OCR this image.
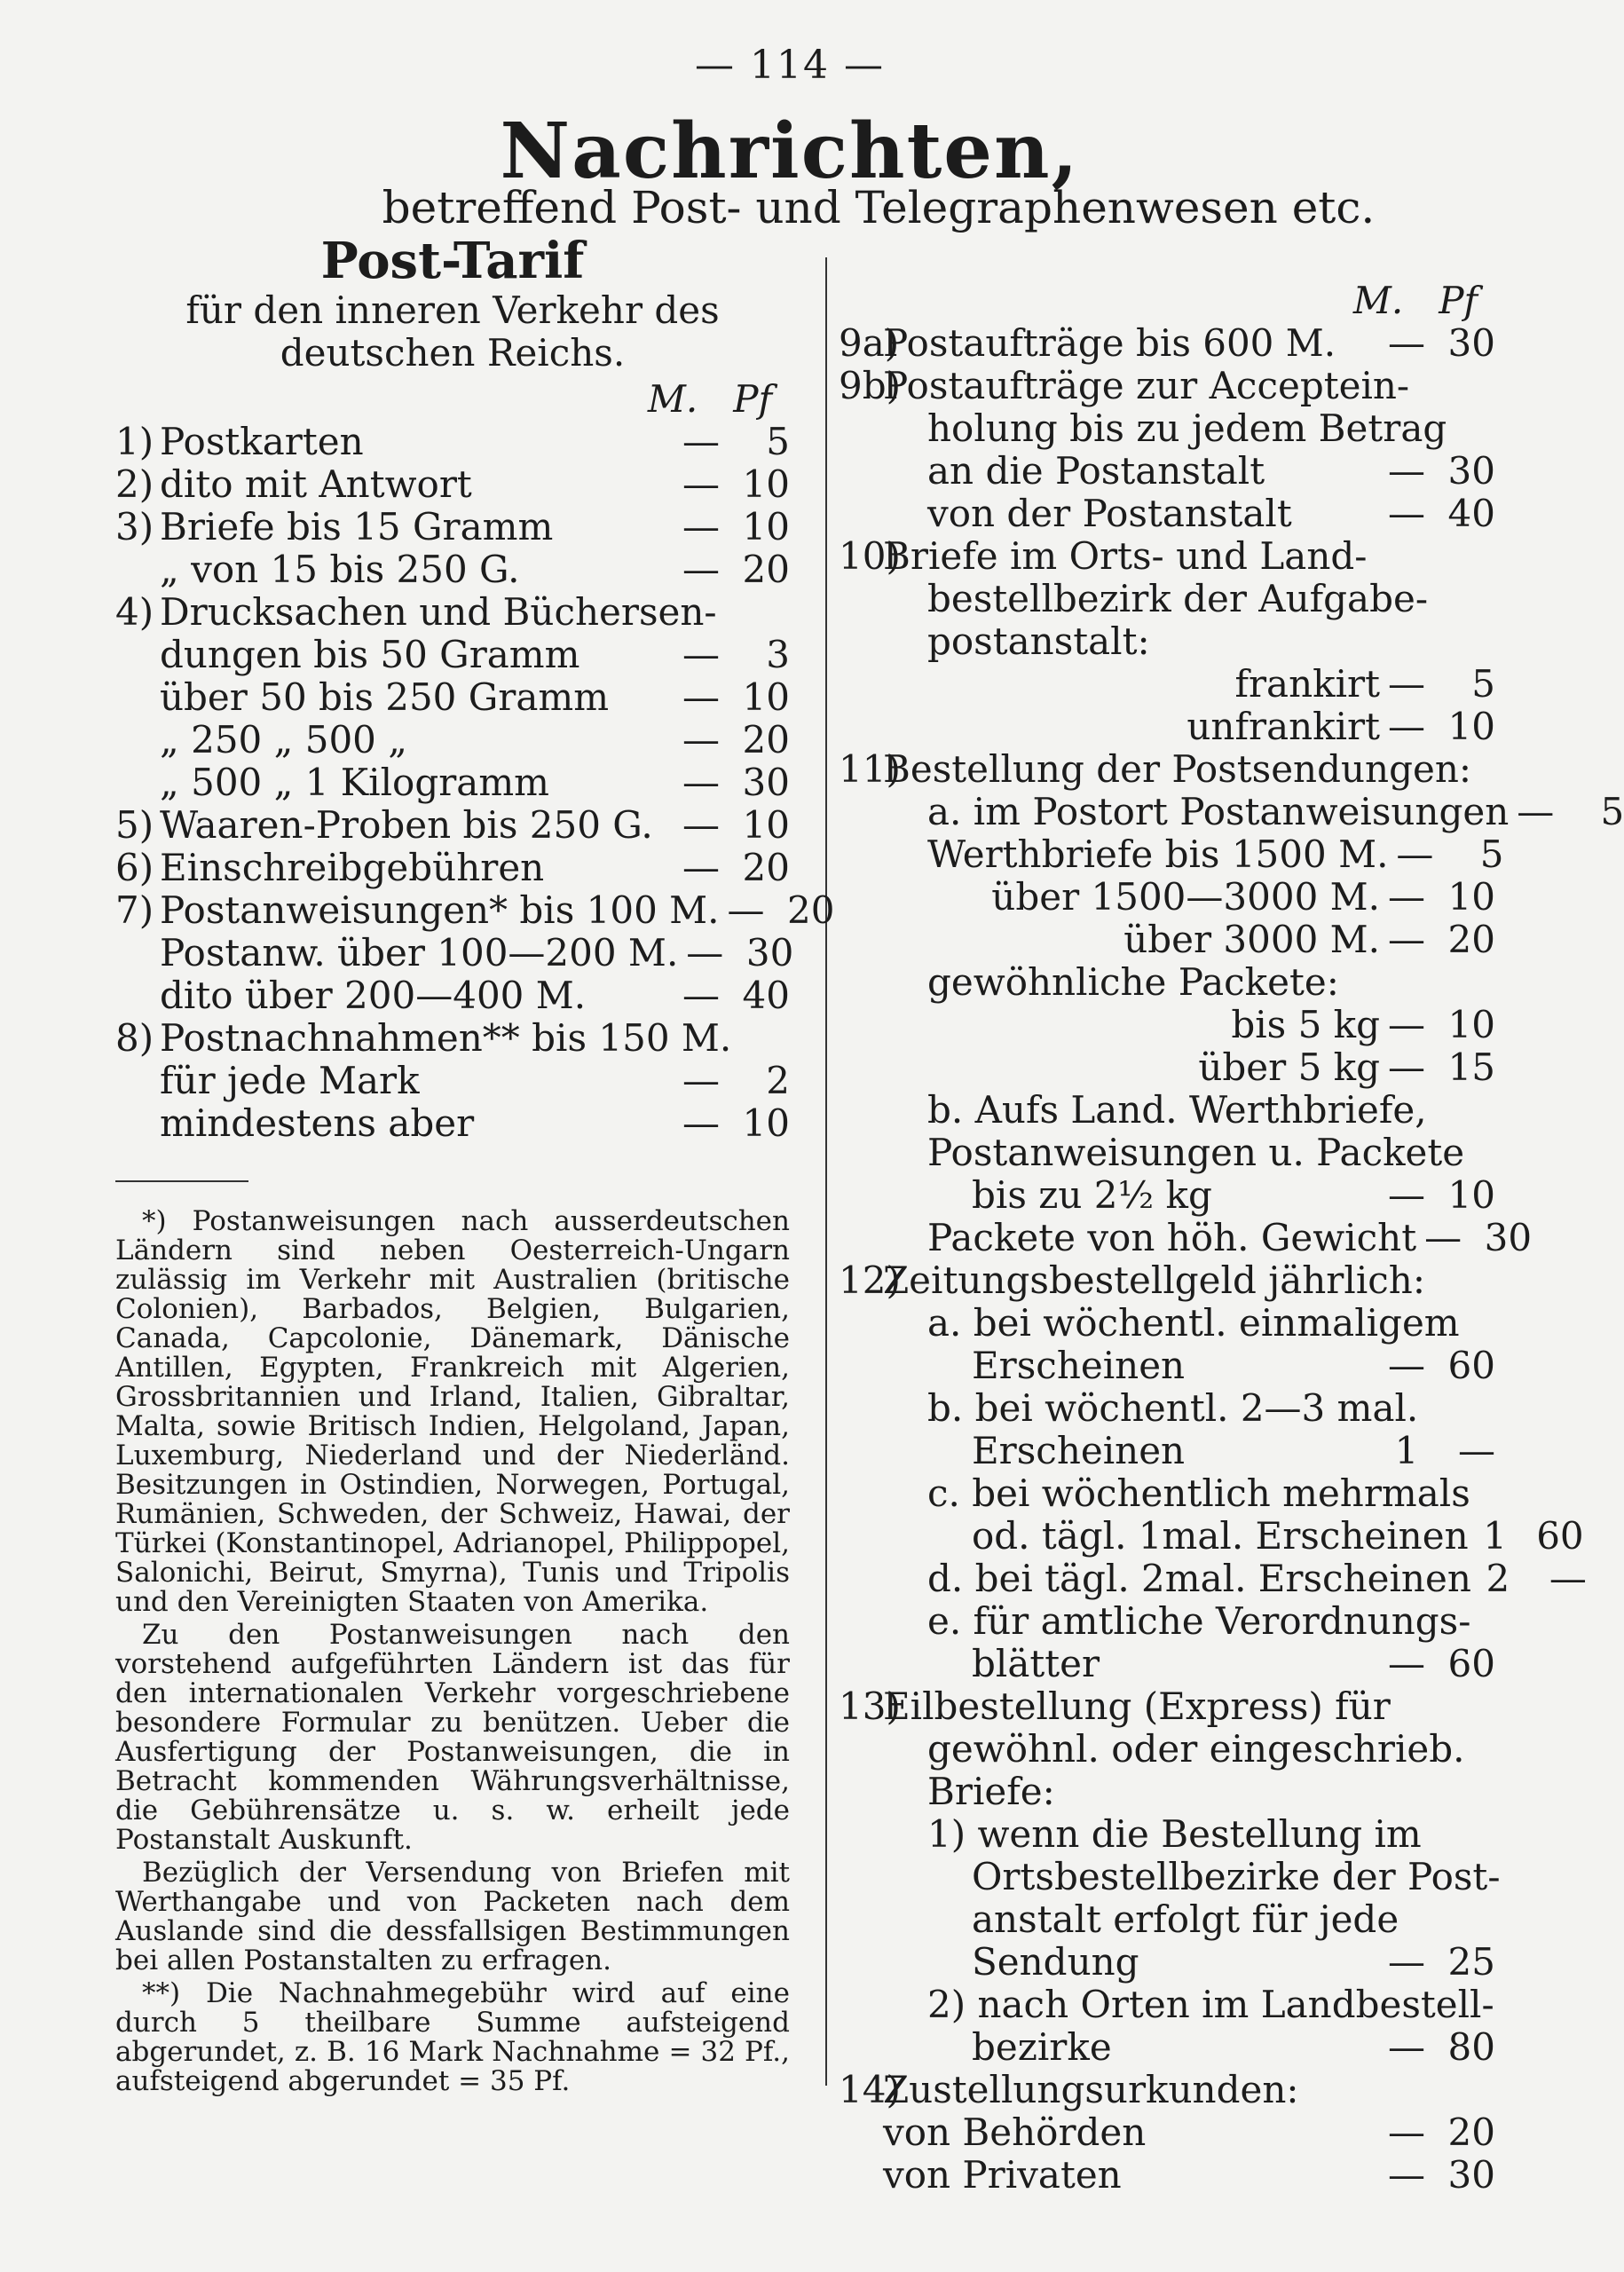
— 114 —
Nachrichten,
betreffend Post- und Telegraphenwesen etc.
Post-Tarif
für den inneren Verkehr des deutschen Reichs.
M. Pf
1) Postkarten	—	5
2) dito mit Antwort	— 10
3) Briefe bis 15 Gramm	— 10
„ von 15 bis 250 G.	— 20
4) Drucksachen und Büchersen-
dungen bis 50 Gramm	—	3
über 50 bis 250 Gramm	— 10
„ 250 „ 500 „	— 20
„ 500 „ 1 Kilogramm	— 30
5) Waaren-Proben bis 250 G. — 10
6) Einschreibgebühren	— 20
7) Postanweisungen* bis 100 M. — 20
Postanw. über 100—200 M. — 30
dito über 200—400 M.	— 40
8) Postnachnahmen** bis 150 M.
für jede Mark	—	2
mindestens aber	— 10

*) Postanweisungen nach ausserdeutschen Ländern sind neben Oesterreich-Ungarn zulässig im Verkehr mit Australien (britische Colonien), Barbados, Belgien, Bulgarien, Canada, Capcolonie, Dänemark, Dänische Antillen, Egypten, Frankreich mit Algerien, Grossbritannien und Irland, Italien, Gibraltar, Malta, sowie Britisch Indien, Helgoland, Japan, Luxemburg, Niederland und der Niederländ. Besitzungen in Ostindien, Norwegen, Portugal, Rumänien, Schweden, der Schweiz, Hawai, der Türkei (Konstantinopel, Adrianopel, Philippopel, Salonichi, Beirut, Smyrna), Tunis und Tripolis und den Vereinigten Staaten von Amerika.

Zu den Postanweisungen nach den vorstehend aufgeführten Ländern ist das für den internationalen Verkehr vorgeschriebene besondere Formular zu benützen. Ueber die Ausfertigung der Postanweisungen, die in Betracht kommenden Währungsverhältnisse, die Gebührensätze u. s. w. erheilt jede Postanstalt Auskunft.

Bezüglich der Versendung von Briefen mit Werthangabe und von Packeten nach dem Auslande sind die dessfallsigen Bestimmungen bei allen Postanstalten zu erfragen.

**) Die Nachnahmegebühr wird auf eine durch 5 theilbare Summe aufsteigend abgerundet, z. B. 16 Mark Nachnahme = 32 Pf., aufsteigend abgerundet = 35 Pf.

M. Pf
9a)
Postaufträge bis 600 M.	— 30
9b)
Postaufträge zur Acceptein-
holung bis zu jedem Betrag
an die Postanstalt	— 30
von der Postanstalt	— 40
10)
Briefe im Orts- und Land-
bestellbezirk der Aufgabe-
postanstalt:
frankirt —	5
unfrankirt — 10
11)
Bestellung der Postsendungen:
a. im Postort Postanweisungen —	5
Werthbriefe bis 1500 M. —	5
über 1500—3000 M. — 10
über 3000 M. — 20
gewöhnliche Packete:
bis 5 kg — 10
über 5 kg — 15
b. Aufs Land. Werthbriefe,
Postanweisungen u. Packete
bis zu 2½ kg	— 10
Packete von höh. Gewicht — 30
12)
Zeitungsbestellgeld jährlich:
a. bei wöchentl. einmaligem
Erscheinen	— 60
b. bei wöchentl. 2—3 mal.
Erscheinen	1	—
c. bei wöchentlich mehrmals
od. tägl. 1mal. Erscheinen 1 60
d. bei tägl. 2mal. Erscheinen 2	—
e. für amtliche Verordnungs-
blätter	— 60
13)
Eilbestellung (Express) für
gewöhnl. oder eingeschrieb.
Briefe:
1) wenn die Bestellung im
Ortsbestellbezirke der Post-
anstalt erfolgt für jede
Sendung	— 25
2) nach Orten im Landbestell-
bezirke	— 80
14)
Zustellungsurkunden:
von Behörden	— 20
von Privaten	— 30
